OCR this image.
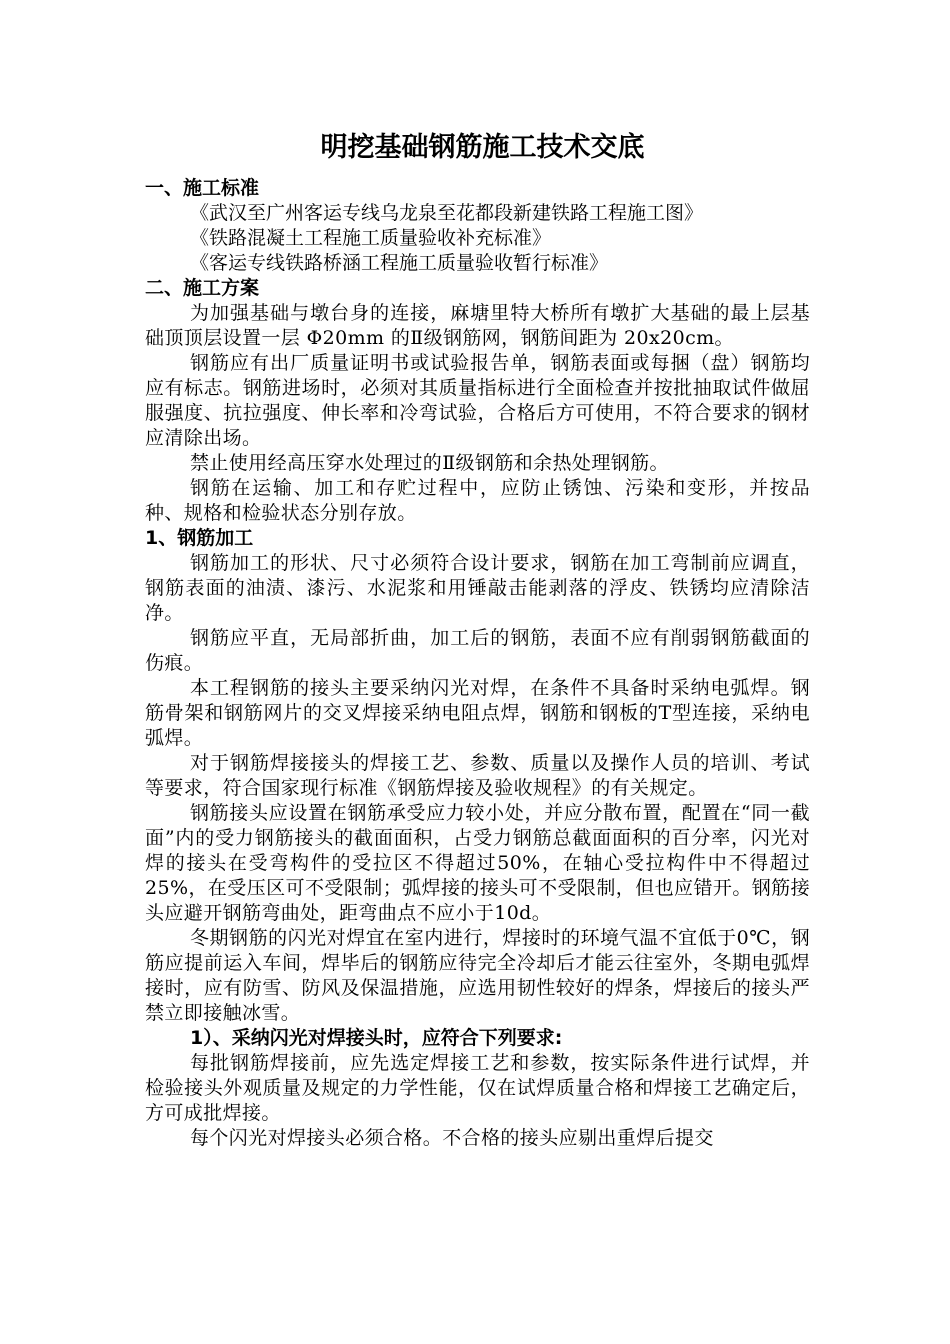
明挖基础钢筋施工技术交底
一、施工标准
《武汉至广州客运专线乌龙泉至花都段新建铁路工程施工图》
《铁路混凝土工程施工质量验收补充标准》
《客运专线铁路桥涵工程施工质量验收暂行标准》
二、施工方案

为加强基础与墩台身的连接，麻塘里特大桥所有墩扩大基础的最上层基础顶顶层设置一层 Φ20mm 的Ⅱ级钢筋网，钢筋间距为 20x20cm。

钢筋应有出厂质量证明书或试验报告单，钢筋表面或每捆（盘）钢筋均应有标志。钢筋进场时，必须对其质量指标进行全面检查并按批抽取试件做屈服强度、抗拉强度、伸长率和冷弯试验，合格后方可使用，不符合要求的钢材应清除出场。

禁止使用经高压穿水处理过的Ⅱ级钢筋和余热处理钢筋。

钢筋在运输、加工和存贮过程中，应防止锈蚀、污染和变形，并按品种、规格和检验状态分别存放。

1、钢筋加工

钢筋加工的形状、尺寸必须符合设计要求，钢筋在加工弯制前应调直，钢筋表面的油渍、漆污、水泥浆和用锤敲击能剥落的浮皮、铁锈均应清除洁净。

钢筋应平直，无局部折曲，加工后的钢筋，表面不应有削弱钢筋截面的伤痕。

本工程钢筋的接头主要采纳闪光对焊，在条件不具备时采纳电弧焊。钢筋骨架和钢筋网片的交叉焊接采纳电阻点焊，钢筋和钢板的T型连接，采纳电弧焊。

对于钢筋焊接接头的焊接工艺、参数、质量以及操作人员的培训、考试等要求，符合国家现行标准《钢筋焊接及验收规程》的有关规定。

钢筋接头应设置在钢筋承受应力较小处，并应分散布置，配置在“同一截面”内的受力钢筋接头的截面面积，占受力钢筋总截面面积的百分率，闪光对焊的接头在受弯构件的受拉区不得超过50%，在轴心受拉构件中不得超过25%，在受压区可不受限制；弧焊接的接头可不受限制，但也应错开。钢筋接头应避开钢筋弯曲处，距弯曲点不应小于10d。

冬期钢筋的闪光对焊宜在室内进行，焊接时的环境气温不宜低于0℃，钢筋应提前运入车间，焊毕后的钢筋应待完全冷却后才能云往室外，冬期电弧焊接时，应有防雪、防风及保温措施，应选用韧性较好的焊条，焊接后的接头严禁立即接触冰雪。

1）、采纳闪光对焊接头时，应符合下列要求:

每批钢筋焊接前，应先选定焊接工艺和参数，按实际条件进行试焊，并检验接头外观质量及规定的力学性能，仅在试焊质量合格和焊接工艺确定后，方可成批焊接。

每个闪光对焊接头必须合格。不合格的接头应剔出重焊后提交
